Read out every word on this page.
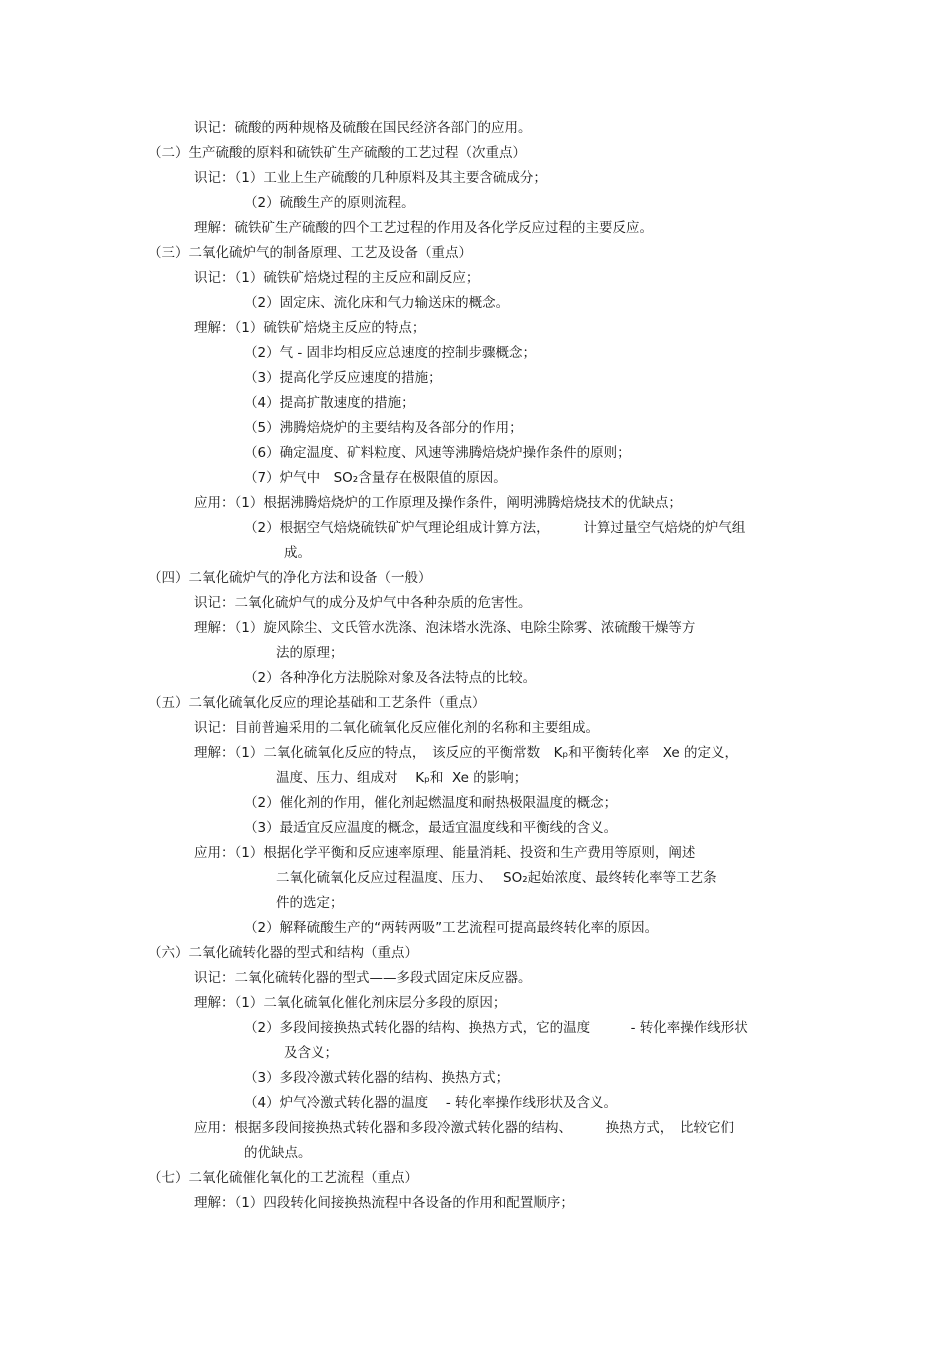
识记：硫酸的两种规格及硫酸在国民经济各部门的应用。
（二）生产硫酸的原料和硫铁矿生产硫酸的工艺过程（次重点）
识记：（1）工业上生产硫酸的几种原料及其主要含硫成分；
（2）硫酸生产的原则流程。
理解：硫铁矿生产硫酸的四个工艺过程的作用及各化学反应过程的主要反应。
（三）二氧化硫炉气的制备原理、工艺及设备（重点）
识记：（1）硫铁矿焙烧过程的主反应和副反应；
（2）固定床、流化床和气力输送床的概念。
理解：（1）硫铁矿焙烧主反应的特点；
（2）气 - 固非均相反应总速度的控制步骤概念；
（3）提高化学反应速度的措施；
（4）提高扩散速度的措施；
（5）沸腾焙烧炉的主要结构及各部分的作用；
（6）确定温度、矿料粒度、风速等沸腾焙烧炉操作条件的原则；
（7）炉气中　SO₂含量存在极限值的原因。
应用：（1）根据沸腾焙烧炉的工作原理及操作条件，阐明沸腾焙烧技术的优缺点；
（2）根据空气焙烧硫铁矿炉气理论组成计算方法，　　　计算过量空气焙烧的炉气组
成。
（四）二氧化硫炉气的净化方法和设备（一般）
识记：二氧化硫炉气的成分及炉气中各种杂质的危害性。
理解：（1）旋风除尘、文氏管水洗涤、泡沫塔水洗涤、电除尘除雾、浓硫酸干燥等方
法的原理；
（2）各种净化方法脱除对象及各法特点的比较。
（五）二氧化硫氧化反应的理论基础和工艺条件（重点）
识记：目前普遍采用的二氧化硫氧化反应催化剂的名称和主要组成。
理解：（1）二氧化硫氧化反应的特点，　该反应的平衡常数　Kₚ和平衡转化率　Xe 的定义，
温度、压力、组成对　 Kₚ和  Xe 的影响；
（2）催化剂的作用，催化剂起燃温度和耐热极限温度的概念；
（3）最适宜反应温度的概念，最适宜温度线和平衡线的含义。
应用：（1）根据化学平衡和反应速率原理、能量消耗、投资和生产费用等原则，阐述
二氧化硫氧化反应过程温度、压力、　 SO₂起始浓度、最终转化率等工艺条
件的选定；
（2）解释硫酸生产的“两转两吸”工艺流程可提高最终转化率的原因。
（六）二氧化硫转化器的型式和结构（重点）
识记：二氧化硫转化器的型式——多段式固定床反应器。
理解：（1）二氧化硫氧化催化剂床层分多段的原因；
（2）多段间接换热式转化器的结构、换热方式，它的温度　　　- 转化率操作线形状
及含义；
（3）多段冷激式转化器的结构、换热方式；
（4）炉气冷激式转化器的温度　 - 转化率操作线形状及含义。
应用：根据多段间接换热式转化器和多段冷激式转化器的结构、　　　换热方式，　比较它们
的优缺点。
（七）二氧化硫催化氧化的工艺流程（重点）
理解：（1）四段转化间接换热流程中各设备的作用和配置顺序；
